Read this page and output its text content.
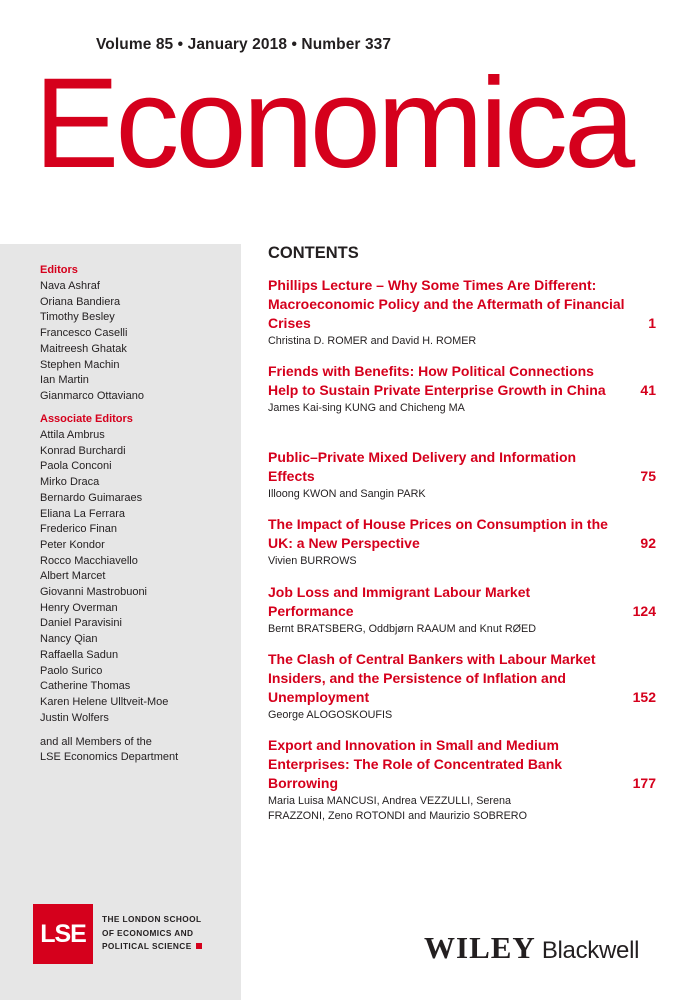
Volume 85 • January 2018 • Number 337
Economica
Editors
Nava Ashraf
Oriana Bandiera
Timothy Besley
Francesco Caselli
Maitreesh Ghatak
Stephen Machin
Ian Martin
Gianmarco Ottaviano
Associate Editors
Attila Ambrus
Konrad Burchardi
Paola Conconi
Mirko Draca
Bernardo Guimaraes
Eliana La Ferrara
Frederico Finan
Peter Kondor
Rocco Macchiavello
Albert Marcet
Giovanni Mastrobuoni
Henry Overman
Daniel Paravisini
Nancy Qian
Raffaella Sadun
Paolo Surico
Catherine Thomas
Karen Helene Ulltveit-Moe
Justin Wolfers
and all Members of the
LSE Economics Department
LSE
THE LONDON SCHOOL
OF ECONOMICS AND
POLITICAL SCIENCE
CONTENTS
Phillips Lecture – Why Some Times Are Different: Macroeconomic Policy and the Aftermath of Financial Crises	1
Christina D. ROMER and David H. ROMER
Friends with Benefits: How Political Connections Help to Sustain Private Enterprise Growth in China	41
James Kai-sing KUNG and Chicheng MA
Public–Private Mixed Delivery and Information Effects	75
Illoong KWON and Sangin PARK
The Impact of House Prices on Consumption in the UK: a New Perspective	92
Vivien BURROWS
Job Loss and Immigrant Labour Market Performance	124
Bernt BRATSBERG, Oddbjørn RAAUM and Knut RØED
The Clash of Central Bankers with Labour Market Insiders, and the Persistence of Inflation and Unemployment	152
George ALOGOSKOUFIS
Export and Innovation in Small and Medium Enterprises: The Role of Concentrated Bank Borrowing	177
Maria Luisa MANCUSI, Andrea VEZZULLI, Serena FRAZZONI, Zeno ROTONDI and Maurizio SOBRERO
WILEY Blackwell
